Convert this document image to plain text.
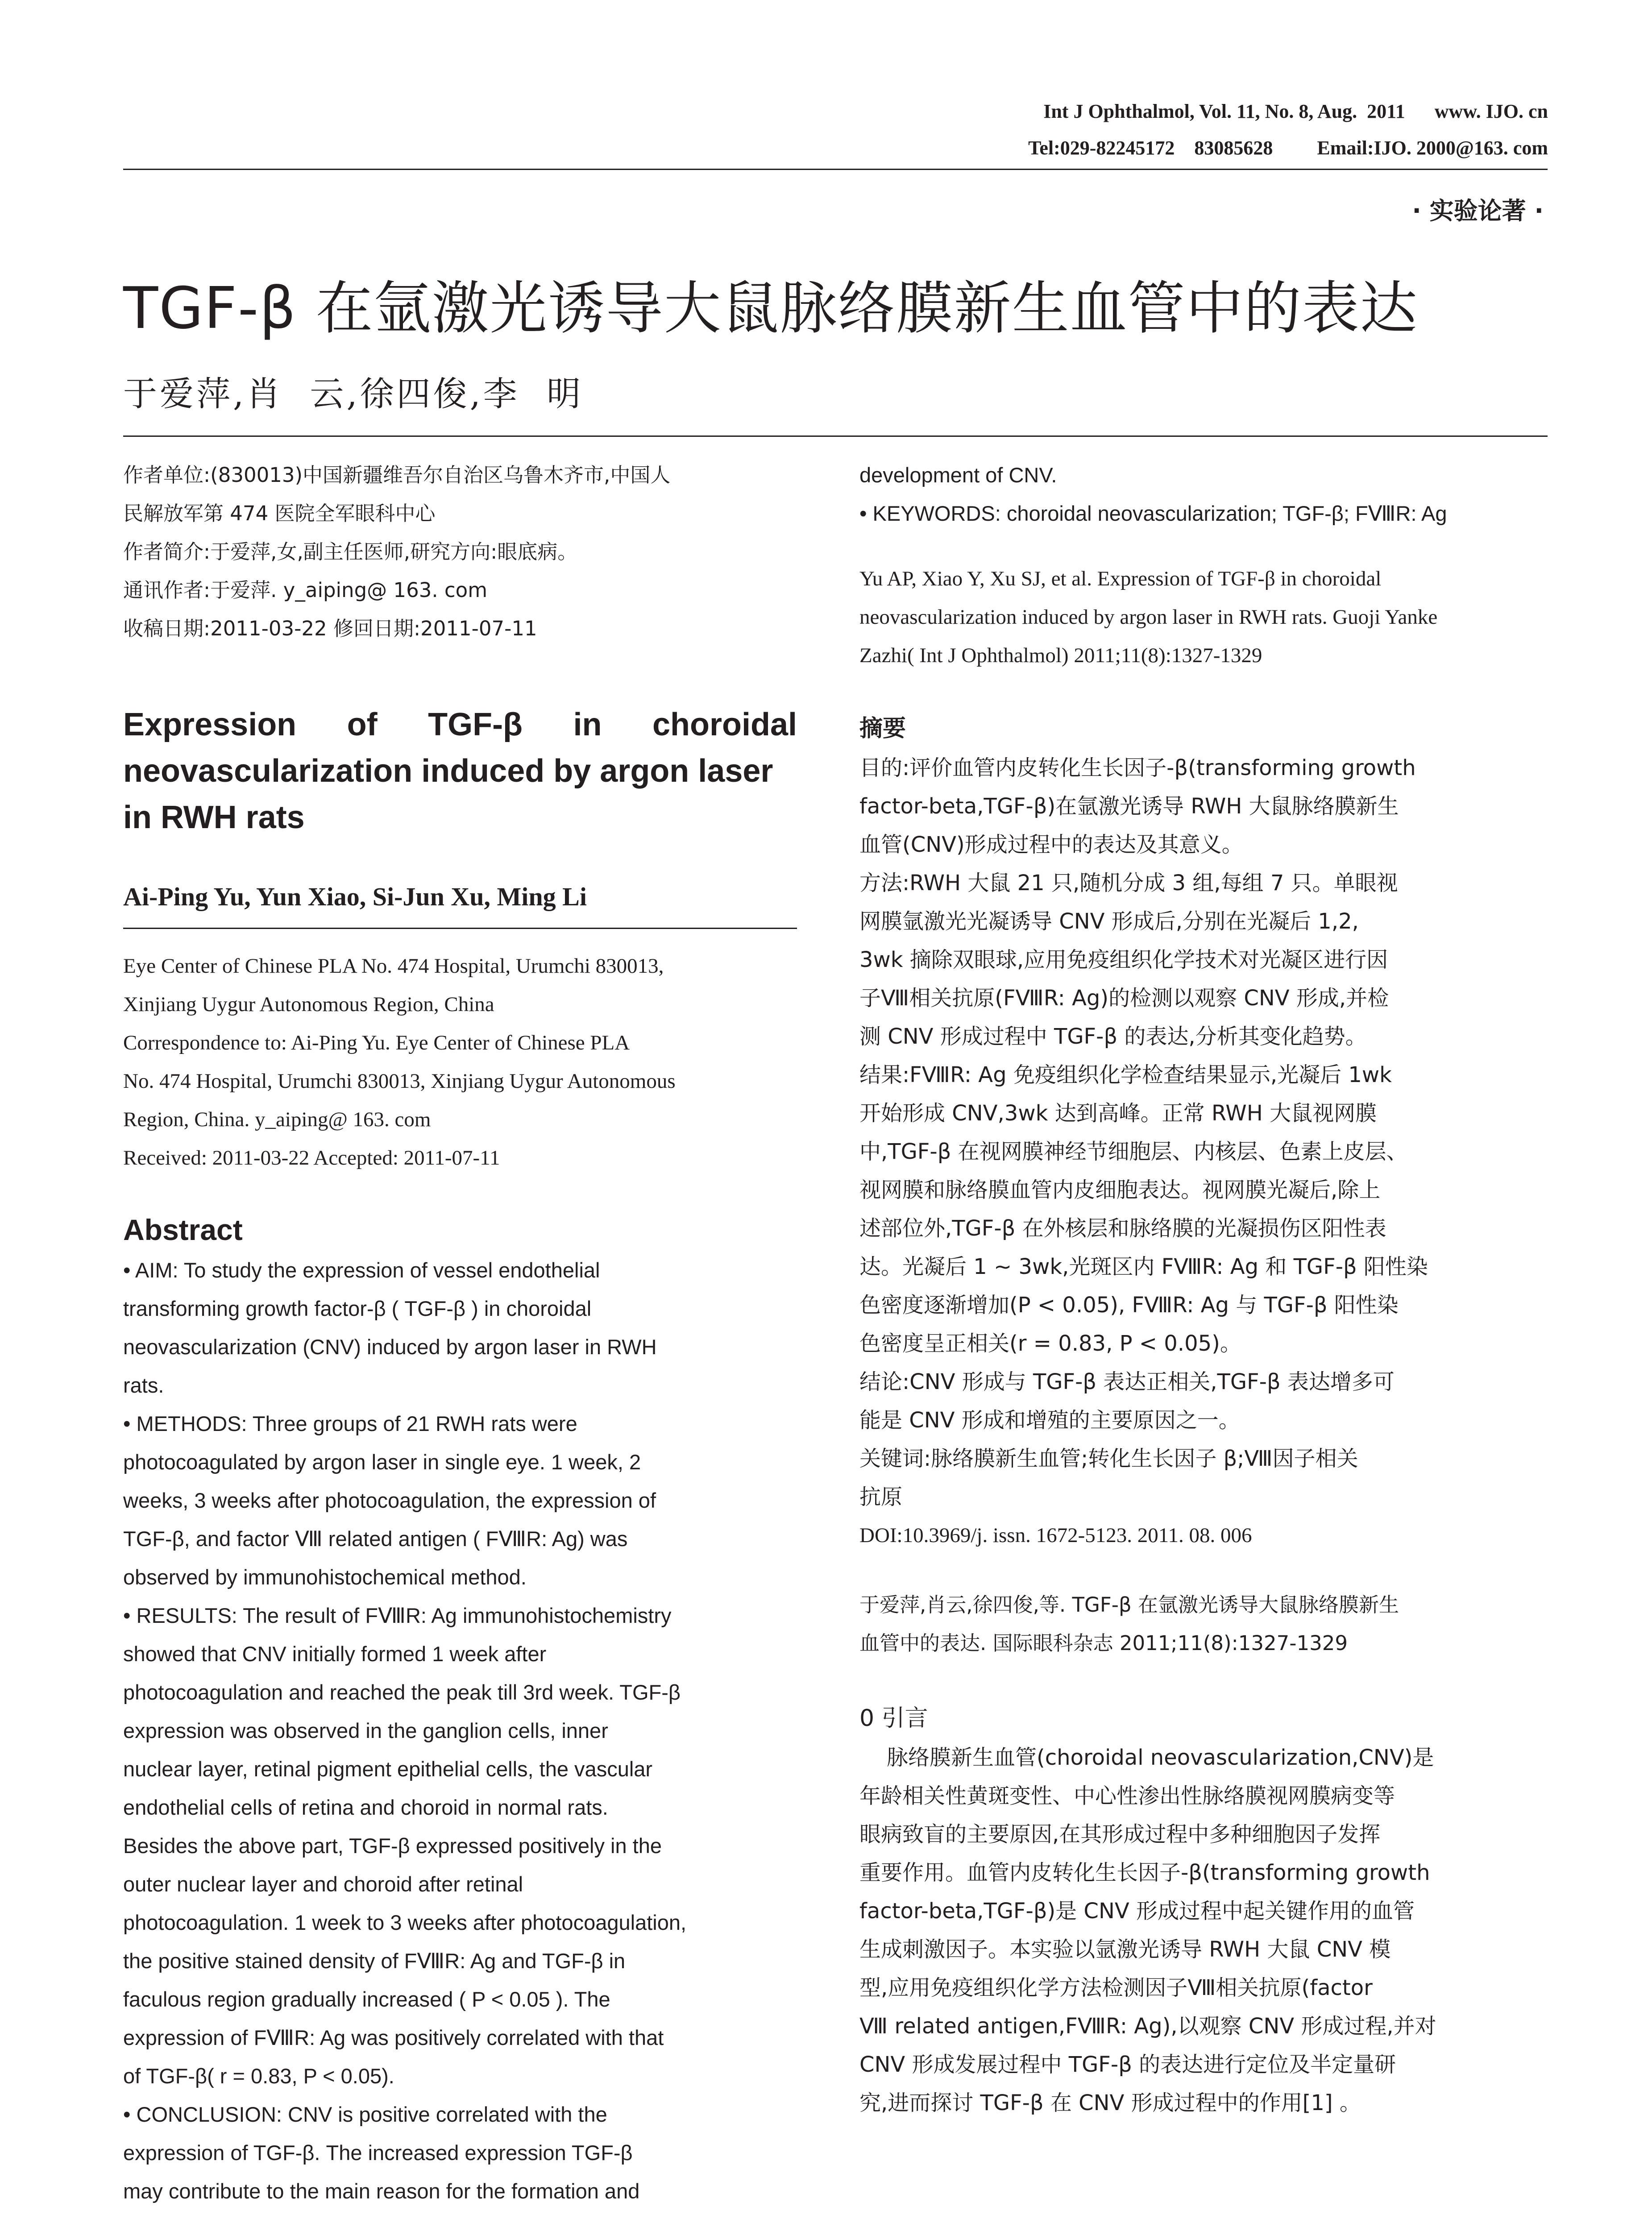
Int J Ophthalmol, Vol. 11, No. 8, Aug.  2011      www. IJO. cn
Tel:029-82245172    83085628         Email:IJO. 2000@163. com
· 实验论著 ·
TGF-β 在氩激光诱导大鼠脉络膜新生血管中的表达
于爱萍,肖  云,徐四俊,李  明
作者单位:(830013)中国新疆维吾尔自治区乌鲁木齐市,中国人
民解放军第 474 医院全军眼科中心
作者简介:于爱萍,女,副主任医师,研究方向:眼底病。
通讯作者:于爱萍. y_aiping@ 163. com
收稿日期:2011-03-22 修回日期:2011-07-11
Expression of TGF-β in choroidal
neovascularization induced by argon laser
in RWH rats
Ai-Ping Yu, Yun Xiao, Si-Jun Xu, Ming Li
Eye Center of Chinese PLA No. 474 Hospital, Urumchi 830013,
Xinjiang Uygur Autonomous Region, China
Correspondence to: Ai-Ping Yu. Eye Center of Chinese PLA
No. 474 Hospital, Urumchi 830013, Xinjiang Uygur Autonomous
Region, China. y_aiping@ 163. com
Received: 2011-03-22 Accepted: 2011-07-11
Abstract
• AIM: To study the expression of vessel endothelial
transforming growth factor-β ( TGF-β ) in choroidal
neovascularization (CNV) induced by argon laser in RWH
rats.
• METHODS: Three groups of 21 RWH rats were
photocoagulated by argon laser in single eye. 1 week, 2
weeks, 3 weeks after photocoagulation, the expression of
TGF-β, and factor Ⅷ related antigen ( FⅧR: Ag) was
observed by immunohistochemical method.
• RESULTS: The result of FⅧR: Ag immunohistochemistry
showed that CNV initially formed 1 week after
photocoagulation and reached the peak till 3rd week. TGF-β
expression was observed in the ganglion cells, inner
nuclear layer, retinal pigment epithelial cells, the vascular
endothelial cells of retina and choroid in normal rats.
Besides the above part, TGF-β expressed positively in the
outer nuclear layer and choroid after retinal
photocoagulation. 1 week to 3 weeks after photocoagulation,
the positive stained density of FⅧR: Ag and TGF-β in
faculous region gradually increased ( P < 0.05 ). The
expression of FⅧR: Ag was positively correlated with that
of TGF-β( r = 0.83, P < 0.05).
• CONCLUSION: CNV is positive correlated with the
expression of TGF-β. The increased expression TGF-β
may contribute to the main reason for the formation and
development of CNV.
• KEYWORDS: choroidal neovascularization; TGF-β; FⅧR: Ag
Yu AP, Xiao Y, Xu SJ, et al. Expression of TGF-β in choroidal
neovascularization induced by argon laser in RWH rats. Guoji Yanke
Zazhi( Int J Ophthalmol) 2011;11(8):1327-1329
摘要
目的:评价血管内皮转化生长因子-β(transforming growth
factor-beta,TGF-β)在氩激光诱导 RWH 大鼠脉络膜新生
血管(CNV)形成过程中的表达及其意义。
方法:RWH 大鼠 21 只,随机分成 3 组,每组 7 只。单眼视
网膜氩激光光凝诱导 CNV 形成后,分别在光凝后 1,2,
3wk 摘除双眼球,应用免疫组织化学技术对光凝区进行因
子Ⅷ相关抗原(FⅧR: Ag)的检测以观察 CNV 形成,并检
测 CNV 形成过程中 TGF-β 的表达,分析其变化趋势。
结果:FⅧR: Ag 免疫组织化学检查结果显示,光凝后 1wk
开始形成 CNV,3wk 达到高峰。正常 RWH 大鼠视网膜
中,TGF-β 在视网膜神经节细胞层、内核层、色素上皮层、
视网膜和脉络膜血管内皮细胞表达。视网膜光凝后,除上
述部位外,TGF-β 在外核层和脉络膜的光凝损伤区阳性表
达。光凝后 1 ~ 3wk,光斑区内 FⅧR: Ag 和 TGF-β 阳性染
色密度逐渐增加(P < 0.05), FⅧR: Ag 与 TGF-β 阳性染
色密度呈正相关(r = 0.83, P < 0.05)。
结论:CNV 形成与 TGF-β 表达正相关,TGF-β 表达增多可
能是 CNV 形成和增殖的主要原因之一。
关键词:脉络膜新生血管;转化生长因子 β;Ⅷ因子相关
抗原
DOI:10.3969/j. issn. 1672-5123. 2011. 08. 006
于爱萍,肖云,徐四俊,等. TGF-β 在氩激光诱导大鼠脉络膜新生
血管中的表达. 国际眼科杂志 2011;11(8):1327-1329
0 引言
脉络膜新生血管(choroidal neovascularization,CNV)是
年龄相关性黄斑变性、中心性渗出性脉络膜视网膜病变等
眼病致盲的主要原因,在其形成过程中多种细胞因子发挥
重要作用。血管内皮转化生长因子-β(transforming growth
factor-beta,TGF-β)是 CNV 形成过程中起关键作用的血管
生成刺激因子。本实验以氩激光诱导 RWH 大鼠 CNV 模
型,应用免疫组织化学方法检测因子Ⅷ相关抗原(factor
Ⅷ related antigen,FⅧR: Ag),以观察 CNV 形成过程,并对
CNV 形成发展过程中 TGF-β 的表达进行定位及半定量研
究,进而探讨 TGF-β 在 CNV 形成过程中的作用[1] 。
